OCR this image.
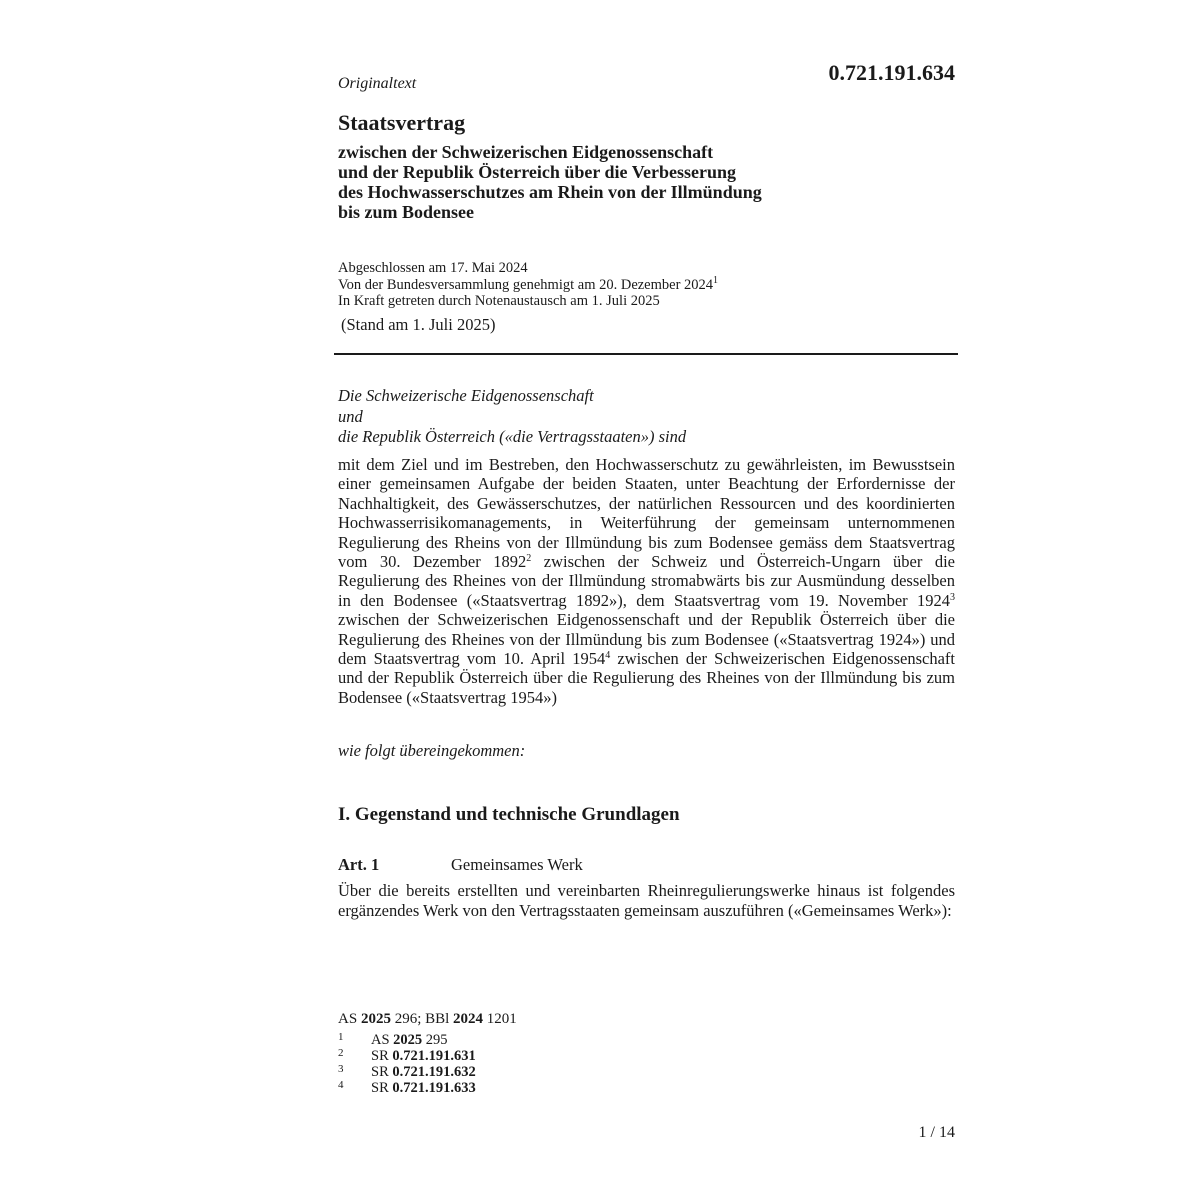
Originaltext	0.721.191.634
Staatsvertrag
zwischen der Schweizerischen Eidgenossenschaft
und der Republik Österreich über die Verbesserung
des Hochwasserschutzes am Rhein von der Illmündung
bis zum Bodensee
Abgeschlossen am 17. Mai 2024
Von der Bundesversammlung genehmigt am 20. Dezember 2024$^1$
In Kraft getreten durch Notenaustausch am 1. Juli 2025
(Stand am 1. Juli 2025)
Die Schweizerische Eidgenossenschaft
und
die Republik Österreich («die Vertragsstaaten») sind
mit dem Ziel und im Bestreben, den Hochwasserschutz zu gewährleisten, im Bewusstsein einer gemeinsamen Aufgabe der beiden Staaten, unter Beachtung der Erfordernisse der Nachhaltigkeit, des Gewässerschutzes, der natürlichen Ressourcen und des koordinierten Hochwasserrisikomanagements, in Weiterführung der gemeinsam unternommenen Regulierung des Rheins von der Illmündung bis zum Bodensee gemäss dem Staatsvertrag vom 30. Dezember 1892$^2$ zwischen der Schweiz und Österreich-Ungarn über die Regulierung des Rheines von der Illmündung stromabwärts bis zur Ausmündung desselben in den Bodensee («Staatsvertrag 1892»), dem Staatsvertrag vom 19. November 1924$^3$ zwischen der Schweizerischen Eidgenossenschaft und der Republik Österreich über die Regulierung des Rheines von der Illmündung bis zum Bodensee («Staatsvertrag 1924») und dem Staatsvertrag vom 10. April 1954$^4$ zwischen der Schweizerischen Eidgenossenschaft und der Republik Österreich über die Regulierung des Rheines von der Illmündung bis zum Bodensee («Staatsvertrag 1954»)
wie folgt übereingekommen:
I. Gegenstand und technische Grundlagen
Art. 1	Gemeinsames Werk
Über die bereits erstellten und vereinbarten Rheinregulierungswerke hinaus ist folgendes ergänzendes Werk von den Vertragsstaaten gemeinsam auszuführen («Gemeinsames Werk»):
AS 2025 296; BBl 2024 1201
1 AS 2025 295
2 SR 0.721.191.631
3 SR 0.721.191.632
4 SR 0.721.191.633
1 / 14
